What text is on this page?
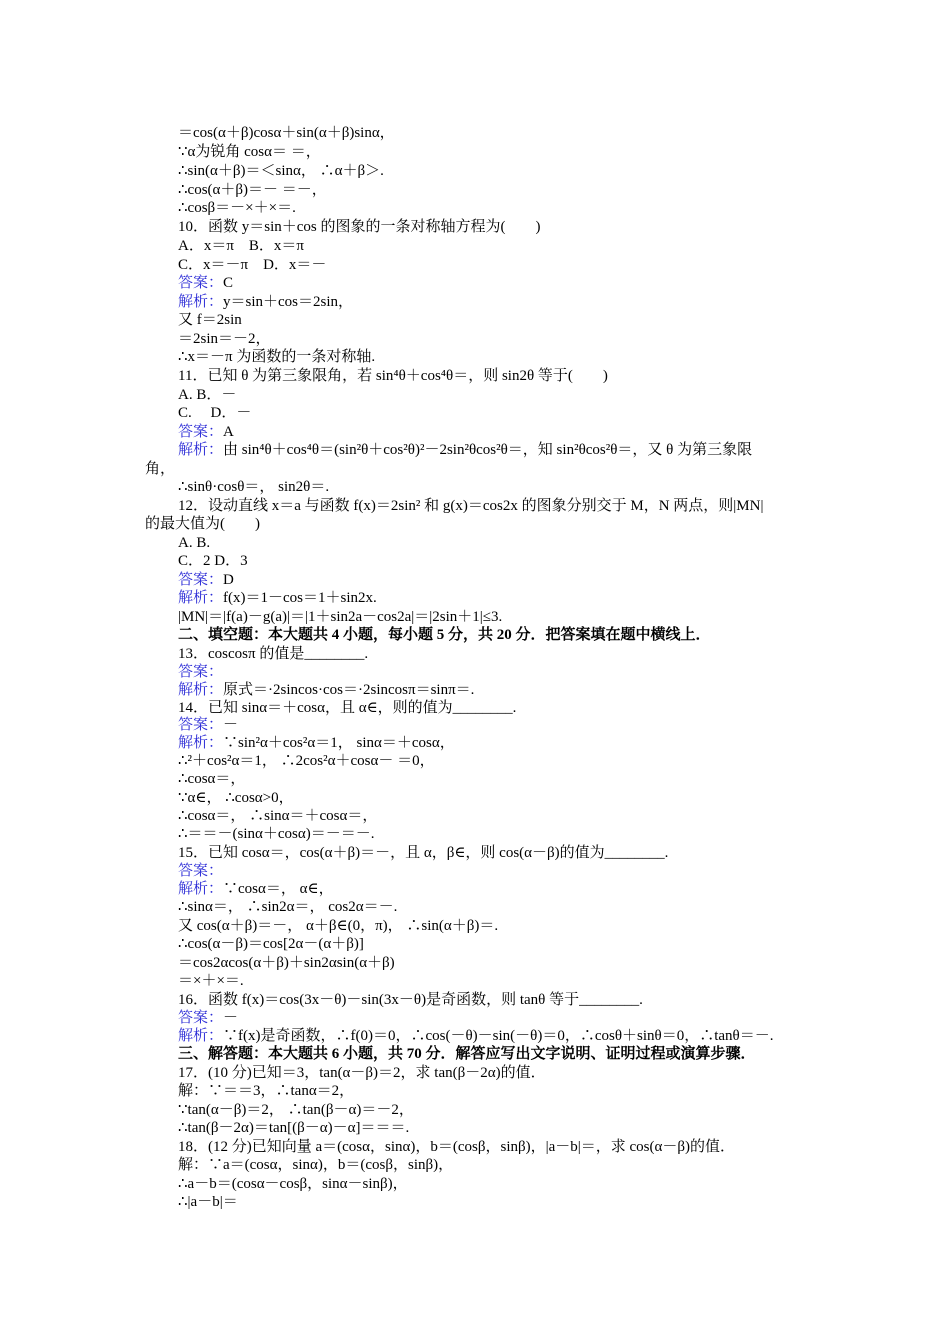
＝cos(α＋β)cosα＋sin(α＋β)sinα，
∵α为锐角 cosα＝ ＝，
∴sin(α＋β)＝＜sinα， ∴α＋β＞.
∴cos(α＋β)＝－ ＝－，
∴cosβ＝－×＋×＝.
10．函数 y＝sin＋cos 的图象的一条对称轴方程为(　　)
A．x＝π　B．x＝π
C．x＝－π　D．x＝－
答案：C
解析：y＝sin＋cos＝2sin，
又 f＝2sin
＝2sin＝－2，
∴x＝－π 为函数的一条对称轴.
11．已知 θ 为第三象限角，若 sin⁴θ＋cos⁴θ＝，则 sin2θ 等于(　　)
A. B．－
C.　 D．－
答案：A
解析：由 sin⁴θ＋cos⁴θ＝(sin²θ＋cos²θ)²－2sin²θcos²θ＝，知 sin²θcos²θ＝，又 θ 为第三象限
角，
∴sinθ·cosθ＝， sin2θ＝.
12．设动直线 x＝a 与函数 f(x)＝2sin² 和 g(x)＝cos2x 的图象分别交于 M，N 两点，则|MN|
的最大值为(　　)
A. B.
C．2 D．3
答案：D
解析：f(x)＝1－cos＝1＋sin2x.
|MN|＝|f(a)－g(a)|＝|1＋sin2a－cos2a|＝|2sin＋1|≤3.
二、填空题：本大题共 4 小题，每小题 5 分，共 20 分．把答案填在题中横线上．
13．coscosπ 的值是________.
答案：
解析：原式＝·2sincos·cos＝·2sincosπ＝sinπ＝.
14．已知 sinα＝＋cosα，且 α∈，则的值为________.
答案：－
解析：∵sin²α＋cos²α＝1， sinα＝＋cosα，
∴²＋cos²α＝1， ∴2cos²α＋cosα－ ＝0，
∴cosα＝，
∵α∈， ∴cosα>0，
∴cosα＝， ∴sinα＝＋cosα＝，
∴＝＝－(sinα＋cosα)＝－＝－.
15．已知 cosα＝，cos(α＋β)＝－，且 α，β∈，则 cos(α－β)的值为________.
答案：
解析：∵cosα＝， α∈，
∴sinα＝， ∴sin2α＝， cos2α＝－.
又 cos(α＋β)＝－， α＋β∈(0，π)， ∴sin(α＋β)＝.
∴cos(α－β)＝cos[2α－(α＋β)]
＝cos2αcos(α＋β)＋sin2αsin(α＋β)
＝×＋×＝.
16．函数 f(x)＝cos(3x－θ)－sin(3x－θ)是奇函数，则 tanθ 等于________.
答案：－
解析：∵f(x)是奇函数，∴f(0)＝0，∴cos(－θ)－sin(－θ)＝0，∴cosθ＋sinθ＝0，∴tanθ＝－.
三、解答题：本大题共 6 小题，共 70 分．解答应写出文字说明、证明过程或演算步骤．
17．(10 分)已知＝3，tan(α－β)＝2，求 tan(β－2α)的值．
解：∵＝＝3，∴tanα＝2，
∵tan(α－β)＝2， ∴tan(β－α)＝－2，
∴tan(β－2α)＝tan[(β－α)－α]＝＝＝.
18．(12 分)已知向量 a＝(cosα，sinα)，b＝(cosβ，sinβ)，|a－b|＝，求 cos(α－β)的值．
解：∵a＝(cosα，sinα)，b＝(cosβ，sinβ)，
∴a－b＝(cosα－cosβ，sinα－sinβ)，
∴|a－b|＝
